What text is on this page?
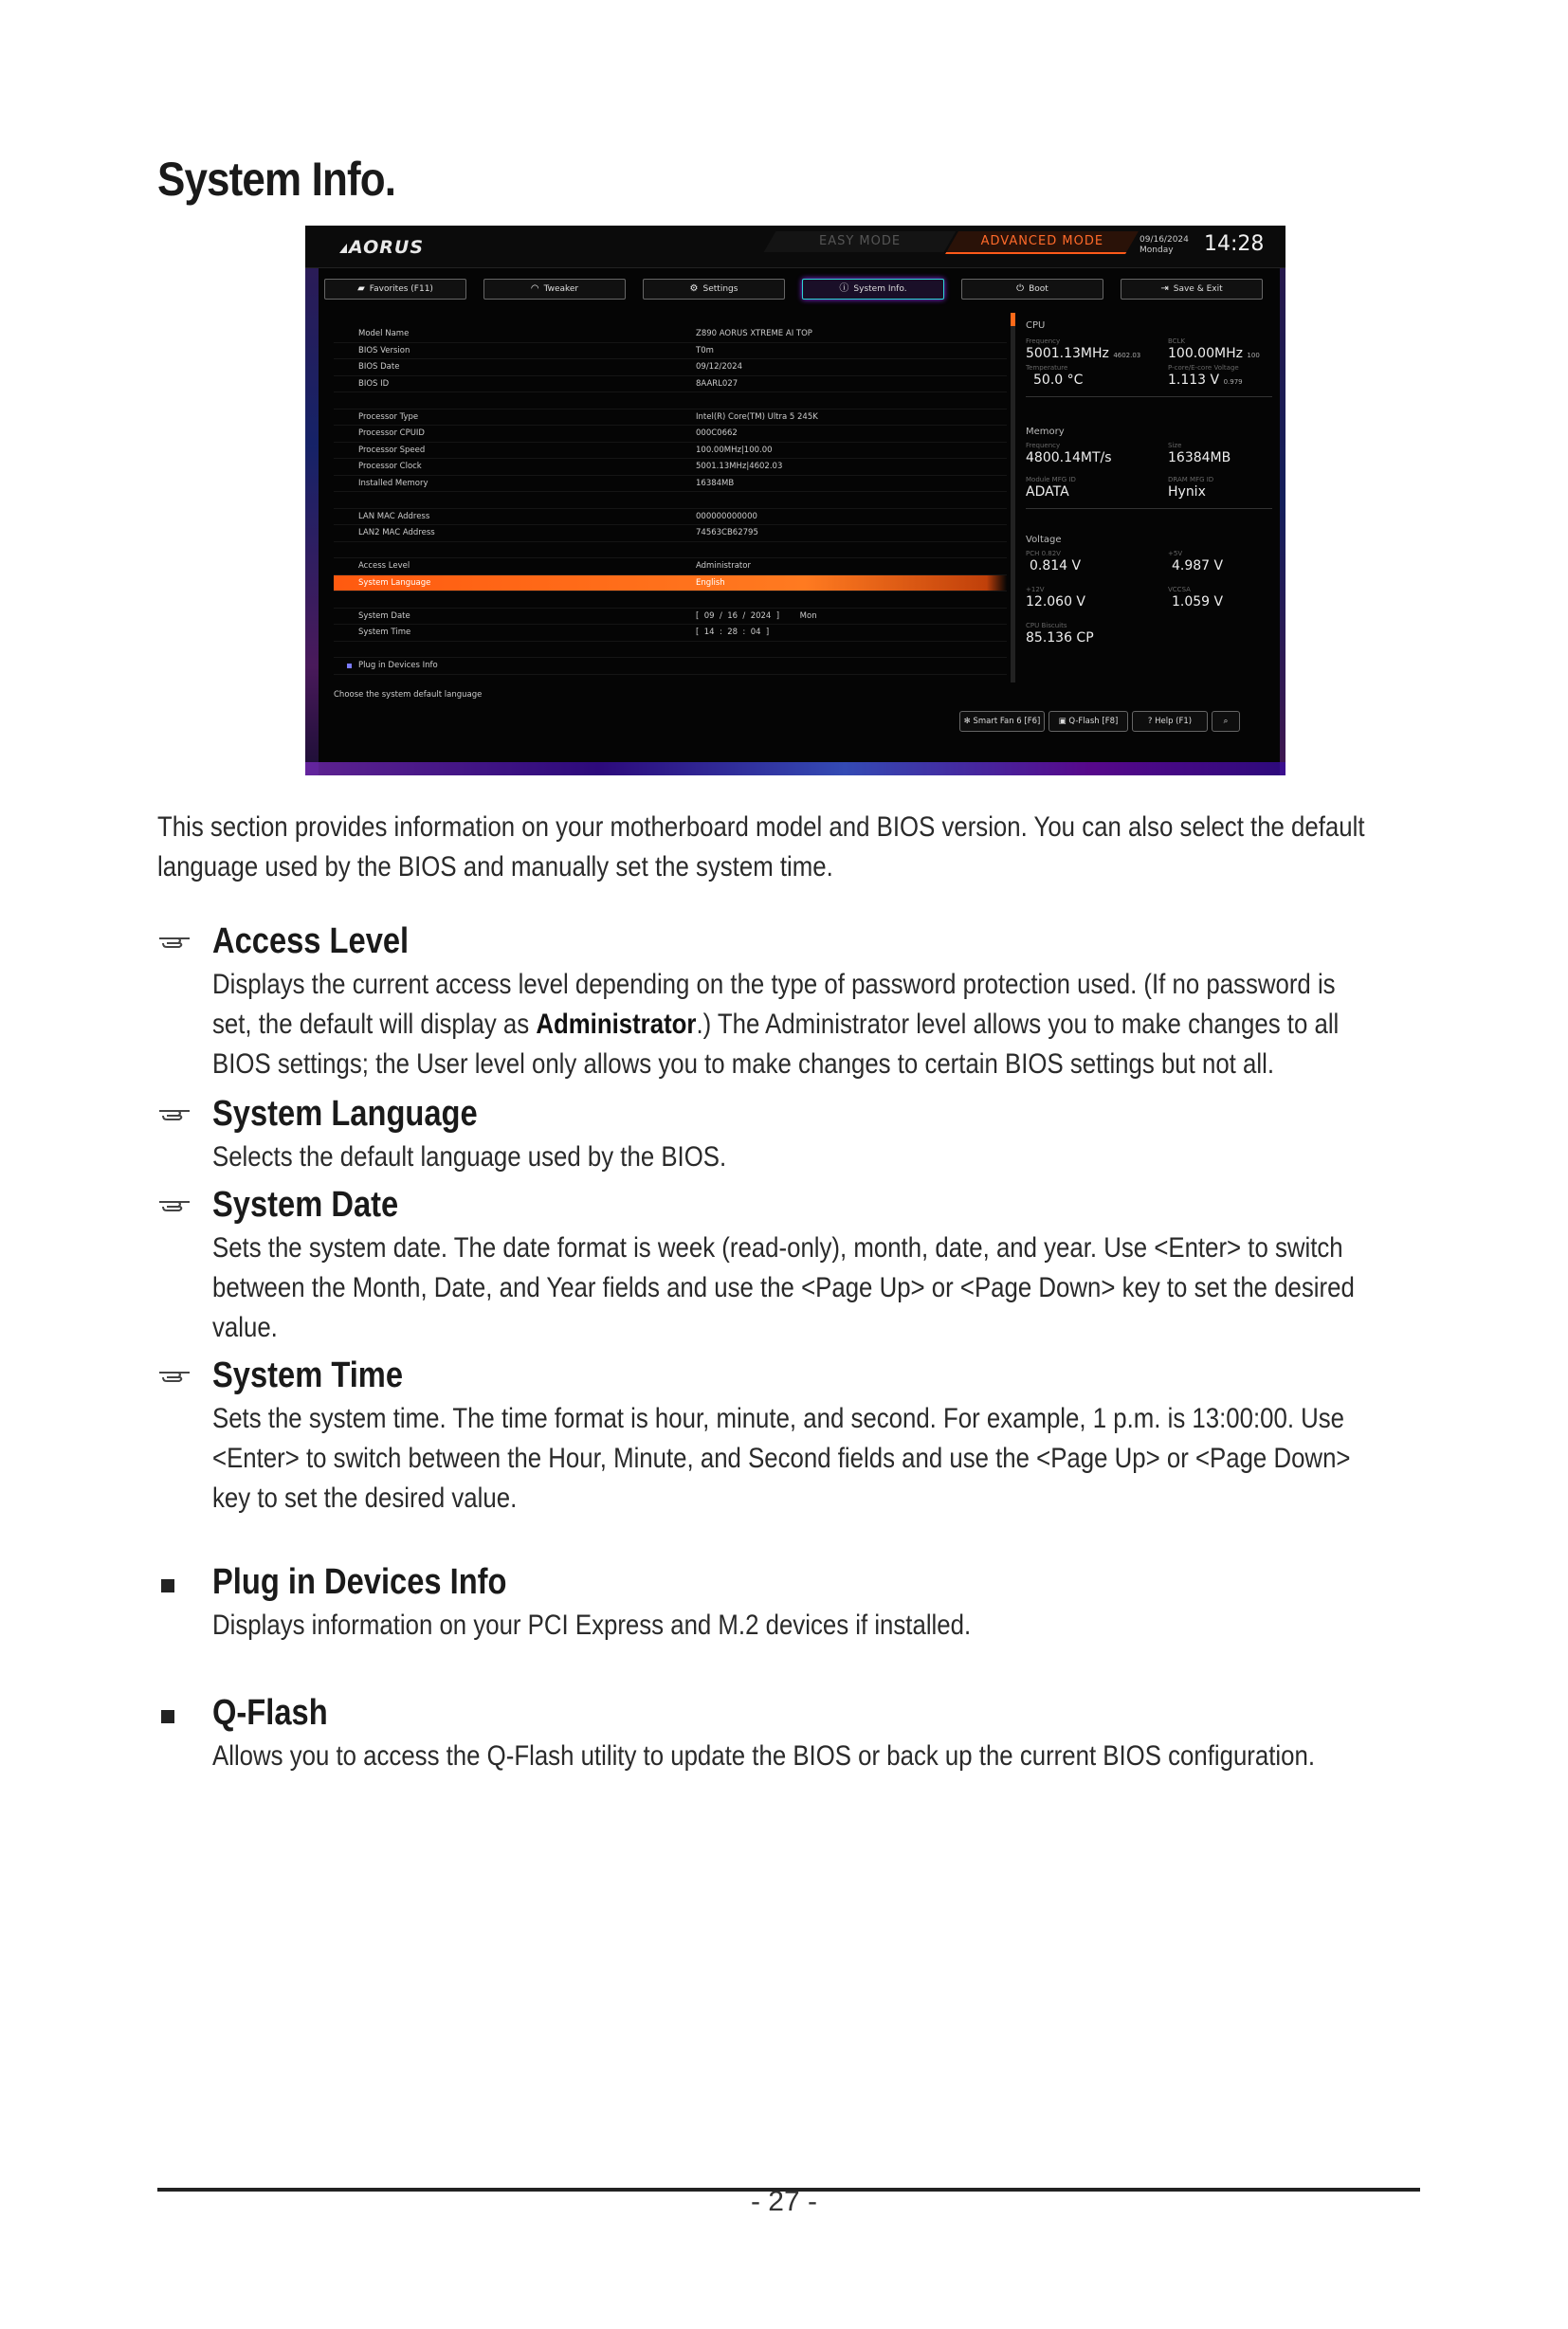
System Info.
AORUS	EASY MODE	ADVANCED MODE	09/16/2024
Monday	14:28
▰ Favorites (F11)	◠ Tweaker	⚙ Settings	ⓘ System Info.	⏻ Boot	⇥ Save & Exit
Model Name	Z890 AORUS XTREME AI TOP
BIOS Version	T0m
BIOS Date	09/12/2024
BIOS ID	8AARL027
Processor Type	Intel(R) Core(TM) Ultra 5 245K
Processor CPUID	000C0662
Processor Speed	100.00MHz|100.00
Processor Clock	5001.13MHz|4602.03
Installed Memory	16384MB
LAN MAC Address	000000000000
LAN2 MAC Address	74563CB62795
Access Level	Administrator
System Language	English
System Date	[  09  /  16  /  2024  ]        Mon
System Time	[  14  :  28  :  04  ]
Plug in Devices Info
Choose the system default language
✻ Smart Fan 6 [F6]	▣ Q-Flash [F8]	? Help (F1)	⌕
CPU
Frequency
5001.13MHz 4602.03
BCLK
100.00MHz 100
Temperature
50.0 °C
P-core/E-core Voltage
1.113 V 0.979
Memory
Frequency
4800.14MT/s
Size
16384MB
Module MFG ID
ADATA
DRAM MFG ID
Hynix
Voltage
PCH 0.82V
0.814 V
+5V
4.987 V
+12V
12.060 V
VCCSA
1.059 V
CPU Biscuits
85.136 CP

This section provides information on your motherboard model and BIOS version. You can also select the default

language used by the BIOS and manually set the system time.

Access Level

Displays the current access level depending on the type of password protection used. (If no password is

set, the default will display as Administrator.) The Administrator level allows you to make changes to all

BIOS settings; the User level only allows you to make changes to certain BIOS settings but not all.

System Language

Selects the default language used by the BIOS.

System Date

Sets the system date. The date format is week (read-only), month, date, and year. Use <Enter> to switch

between the Month, Date, and Year fields and use the <Page Up> or <Page Down> key to set the desired

value.

System Time

Sets the system time. The time format is hour, minute, and second. For example, 1 p.m. is 13:00:00. Use

<Enter> to switch between the Hour, Minute, and Second fields and use the <Page Up> or <Page Down>

key to set the desired value.

Plug in Devices Info

Displays information on your PCI Express and M.2 devices if installed.

Q-Flash

Allows you to access the Q-Flash utility to update the BIOS or back up the current BIOS configuration.

- 27 -
